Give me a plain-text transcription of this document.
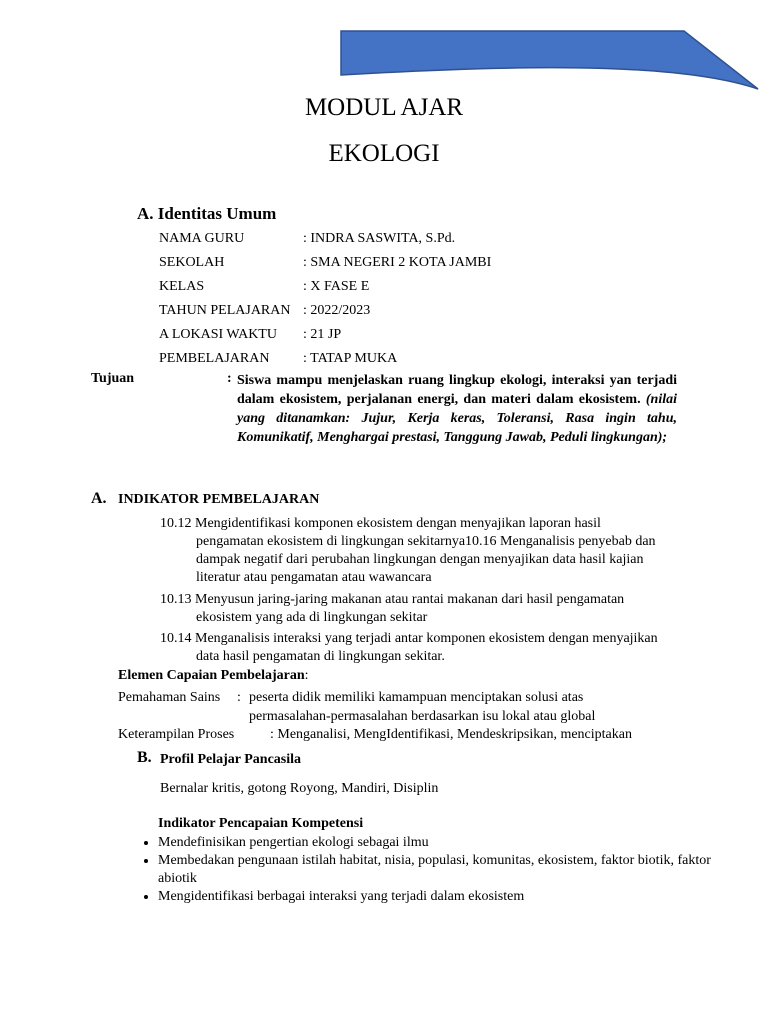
MODUL AJAR
EKOLOGI
A. Identitas Umum
NAMA GURU	: INDRA SASWITA, S.Pd.
SEKOLAH	: SMA NEGERI 2 KOTA JAMBI
KELAS	: X FASE E
TAHUN PELAJARAN : 2022/2023
A LOKASI WAKTU : 21 JP
PEMBELAJARAN : TATAP MUKA
Tujuan	: Siswa mampu menjelaskan ruang lingkup ekologi, interaksi yan terjadi dalam ekosistem, perjalanan energi, dan materi dalam ekosistem. (nilai yang ditanamkan: Jujur, Kerja keras, Toleransi, Rasa ingin tahu, Komunikatif, Menghargai prestasi, Tanggung Jawab, Peduli lingkungan);
A. INDIKATOR PEMBELAJARAN
10.12 Mengidentifikasi komponen ekosistem dengan menyajikan laporan hasil
pengamatan ekosistem di lingkungan sekitarnya10.16 Menganalisis penyebab dan
dampak negatif dari perubahan lingkungan dengan menyajikan data hasil kajian
literatur atau pengamatan atau wawancara
10.13 Menyusun jaring-jaring makanan atau rantai makanan dari hasil pengamatan
ekosistem yang ada di lingkungan sekitar
10.14 Menganalisis interaksi yang terjadi antar komponen ekosistem dengan menyajikan
data hasil pengamatan di lingkungan sekitar.
Elemen Capaian Pembelajaran:
Pemahaman Sains : peserta didik memiliki kamampuan menciptakan solusi atas
permasalahan-permasalahan berdasarkan isu lokal atau global
Keterampilan Proses	: Menganalisi, MengIdentifikasi, Mendeskripsikan, menciptakan
B. Profil Pelajar Pancasila
Bernalar kritis, gotong Royong, Mandiri, Disiplin
Indikator Pencapaian Kompetensi
• Mendefinisikan pengertian ekologi sebagai ilmu
• Membedakan pengunaan istilah habitat, nisia, populasi, komunitas, ekosistem, faktor biotik, faktor abiotik
• Mengidentifikasi berbagai interaksi yang terjadi dalam ekosistem
